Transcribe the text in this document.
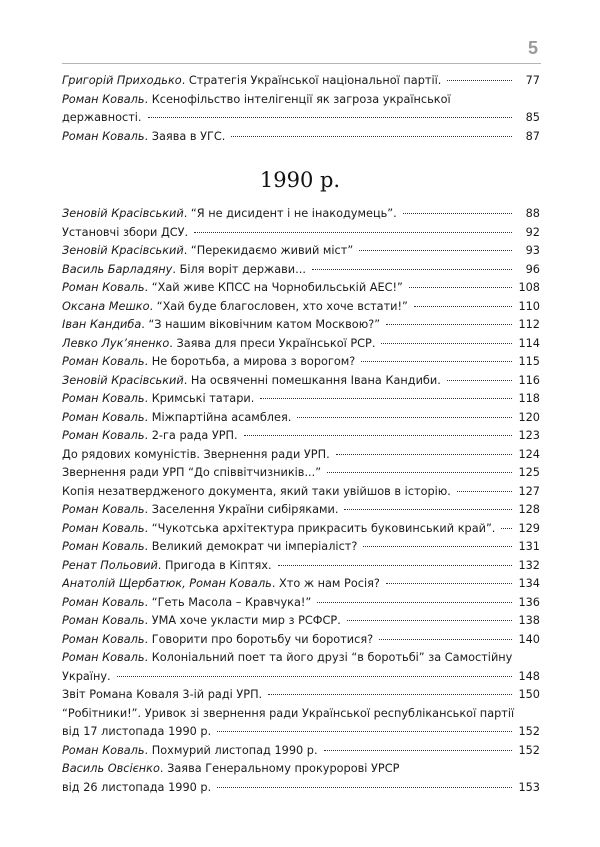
5
Григорій Приходько. Стратегія Української національної партії.	77
Роман Коваль. Ксенофільство інтелігенції як загроза української
державності.	85
Роман Коваль. Заява в УГС.	87
1990 р.
Зеновій Красівський. “Я не дисидент і не інакодумець”.	88
Установчі збори ДСУ.	92
Зеновій Красівський. “Перекидаємо живий міст”	93
Василь Барладяну. Біля воріт держави...	96
Роман Коваль. “Хай живе КПСС на Чорнобильській АЕС!”	108
Оксана Мешко. “Хай буде благословен, хто хоче встати!”	110
Іван Кандиба. “З нашим віковічним катом Москвою?”	112
Левко Лук’яненко. Заява для преси Української РСР.	114
Роман Коваль. Не боротьба, а мирова з ворогом?	115
Зеновій Красівський. На освяченні помешкання Івана Кандиби.	116
Роман Коваль. Кримські татари.	118
Роман Коваль. Міжпартійна асамблея.	120
Роман Коваль. 2-га рада УРП.	123
До рядових комуністів. Звернення ради УРП.	124
Звернення ради УРП “До співвітчизників...”	125
Копія незатвердженого документа, який таки увійшов в історію.	127
Роман Коваль. Заселення України сибіряками.	128
Роман Коваль. “Чукотська архітектура прикрасить буковинський край”. 129
Роман Коваль. Великий демократ чи імперіаліст?	131
Ренат Польовий. Пригода в Кіптях.	132
Анатолій Щербатюк, Роман Коваль. Хто ж нам Росія?	134
Роман Коваль. “Геть Масола – Кравчука!”	136
Роман Коваль. УМА хоче укласти мир з РСФСР.	138
Роман Коваль. Говорити про боротьбу чи боротися?	140
Роман Коваль. Колоніальний поет та його друзі “в боротьбі” за Самостійну
Україну.	148
Звіт Романа Коваля 3-ій раді УРП.	150
“Робітники!”. Уривок зі звернення ради Української республіканської партії
від 17 листопада 1990 р.	152
Роман Коваль. Похмурий листопад 1990 р.	152
Василь Овсієнко. Заява Генеральному прокуророві УРСР
від 26 листопада 1990 р.	153
